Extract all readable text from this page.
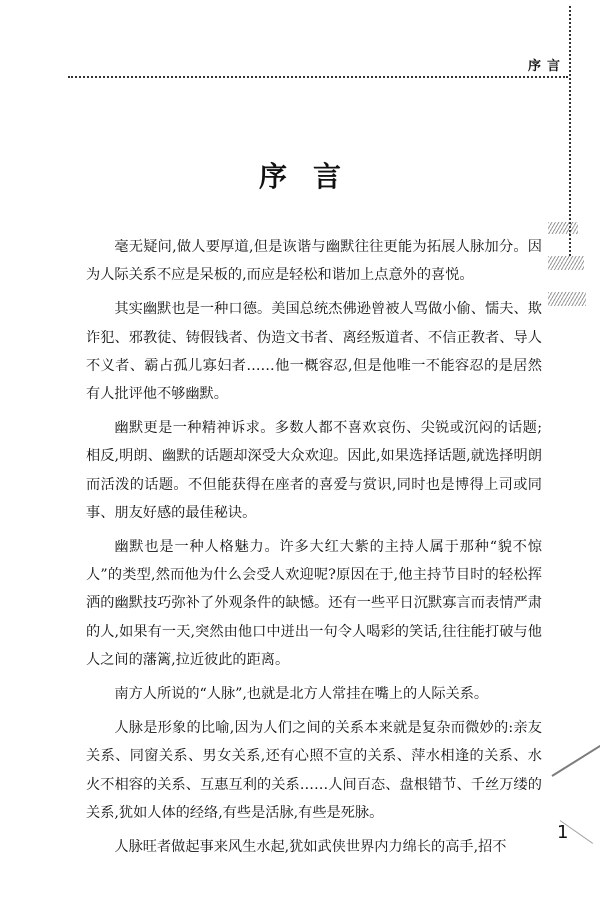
序言
序言

毫无疑问,做人要厚道,但是诙谐与幽默往往更能为拓展人脉加分。因为人际关系不应是呆板的,而应是轻松和谐加上点意外的喜悦。

其实幽默也是一种口德。美国总统杰佛逊曾被人骂做小偷、懦夫、欺诈犯、邪教徒、铸假钱者、伪造文书者、离经叛道者、不信正教者、导人不义者、霸占孤儿寡妇者……他一概容忍,但是他唯一不能容忍的是居然有人批评他不够幽默。

幽默更是一种精神诉求。多数人都不喜欢哀伤、尖锐或沉闷的话题;相反,明朗、幽默的话题却深受大众欢迎。因此,如果选择话题,就选择明朗而活泼的话题。不但能获得在座者的喜爱与赏识,同时也是博得上司或同事、朋友好感的最佳秘诀。

幽默也是一种人格魅力。许多大红大紫的主持人属于那种“貌不惊人”的类型,然而他为什么会受人欢迎呢?原因在于,他主持节目时的轻松挥洒的幽默技巧弥补了外观条件的缺憾。还有一些平日沉默寡言而表情严肃的人,如果有一天,突然由他口中迸出一句令人喝彩的笑话,往往能打破与他人之间的藩篱,拉近彼此的距离。

南方人所说的“人脉”,也就是北方人常挂在嘴上的人际关系。

人脉是形象的比喻,因为人们之间的关系本来就是复杂而微妙的:亲友关系、同窗关系、男女关系,还有心照不宣的关系、萍水相逢的关系、水火不相容的关系、互惠互利的关系……人间百态、盘根错节、千丝万缕的关系,犹如人体的经络,有些是活脉,有些是死脉。

人脉旺者做起事来风生水起,犹如武侠世界内力绵长的高手,招不

1
